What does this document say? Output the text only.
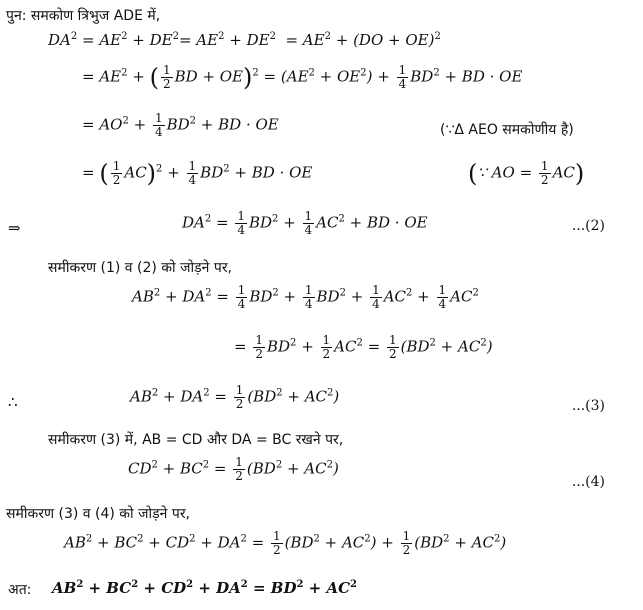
पुन: समकोण त्रिभुज ADE में,
$DA^2 = AE^2 + DE^2= AE^2 + DE^2 = AE^2 + (DO + OE)^2$
= $AE^2$ + ( $\frac{1}{2}$ BD + $OE)^2 = (AE^2 + OE^2) + \frac{1}{4} BD^2$ + BD · OE
= $AO^2 + \frac{1}{4} BD^2$ + BD · OE	(∵Δ AEO समकोणीय है)
= ( $\frac{1}{2} AC)^2 + \frac{1}{4} BD^2$ + BD · OE	(∵ AO = $\frac{1}{2} AC$)
⇒	$DA^2 = \frac{1}{4} BD^2 + \frac{1}{4} AC^2$ + BD · OE	...(2)
समीकरण (1) व (2) को जोड़ने पर,
$AB^2 + DA^2 = \frac{1}{4} BD^2 + \frac{1}{4} BD^2 + \frac{1}{4} AC^2 + \frac{1}{4} AC^2$
= $\frac{1}{2} BD^2 + \frac{1}{2} AC^2 = \frac{1}{2} (BD^2 + AC^2)$
∴	$AB^2 + DA^2 = \frac{1}{2} (BD^2 + AC^2)$
...(3)
समीकरण (3) में, AB = CD और DA = BC रखने पर,
$CD^2 + BC^2 = \frac{1}{2} (BD^2 + AC^2)$
...(4)
समीकरण (3) व (4) को जोड़ने पर,
$AB^2 + BC^2 + CD^2 + DA^2 = \frac{1}{2} (BD^2 + AC^2) + \frac{1}{2} (BD^2 + AC^2)$
अत: $AB^2 + BC^2 + CD^2 + DA^2 = BD^2 + AC^2$
